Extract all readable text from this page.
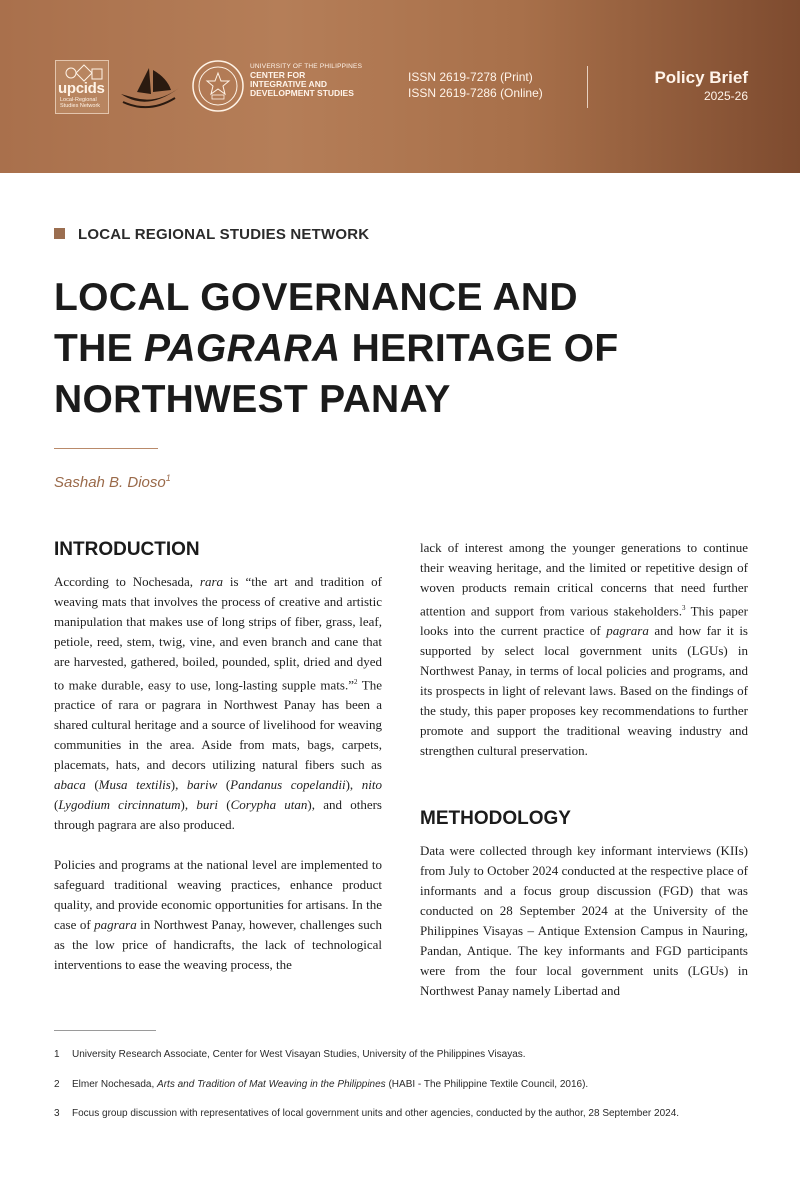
upcids
Local-Regional Studies Network
UNIVERSITY OF THE PHILIPPINES
CENTER FOR INTEGRATIVE AND DEVELOPMENT STUDIES
ISSN 2619-7278 (Print)
ISSN 2619-7286 (Online)
Policy Brief
2025-26
LOCAL REGIONAL STUDIES NETWORK
LOCAL GOVERNANCE AND
THE PAGRARA HERITAGE OF
NORTHWEST PANAY
Sashah B. Dioso$^1$
INTRODUCTION

According to Nochesada, rara is “the art and tradition of weaving mats that involves the process of creative and artistic manipulation that makes use of long strips of fiber, grass, leaf, petiole, reed, stem, twig, vine, and even branch and cane that are harvested, gathered, boiled, pounded, split, dried and dyed to make durable, easy to use, long-lasting supple mats.”$^2$ The practice of rara or pagrara in Northwest Panay has been a shared cultural heritage and a source of livelihood for weaving communities in the area. Aside from mats, bags, carpets, placemats, hats, and decors utilizing natural fibers such as abaca (Musa textilis), bariw (Pandanus copelandii), nito (Lygodium circinnatum), buri (Corypha utan), and others through pagrara are also produced.

Policies and programs at the national level are implemented to safeguard traditional weaving practices, enhance product quality, and provide economic opportunities for artisans. In the case of pagrara in Northwest Panay, however, challenges such as the low price of handicrafts, the lack of technological interventions to ease the weaving process, the

lack of interest among the younger generations to continue their weaving heritage, and the limited or repetitive design of woven products remain critical concerns that need further attention and support from various stakeholders.$^3$ This paper looks into the current practice of pagrara and how far it is supported by select local government units (LGUs) in Northwest Panay, in terms of local policies and programs, and its prospects in light of relevant laws. Based on the findings of the study, this paper proposes key recommendations to further promote and support the traditional weaving industry and strengthen cultural preservation.

METHODOLOGY

Data were collected through key informant interviews (KIIs) from July to October 2024 conducted at the respective place of informants and a focus group discussion (FGD) that was conducted on 28 September 2024 at the University of the Philippines Visayas – Antique Extension Campus in Nauring, Pandan, Antique. The key informants and FGD participants were from the four local government units (LGUs) in Northwest Panay namely Libertad and

1 University Research Associate, Center for West Visayan Studies, University of the Philippines Visayas.
2 Elmer Nochesada, Arts and Tradition of Mat Weaving in the Philippines (HABI - The Philippine Textile Council, 2016).
3 Focus group discussion with representatives of local government units and other agencies, conducted by the author, 28 September 2024.
